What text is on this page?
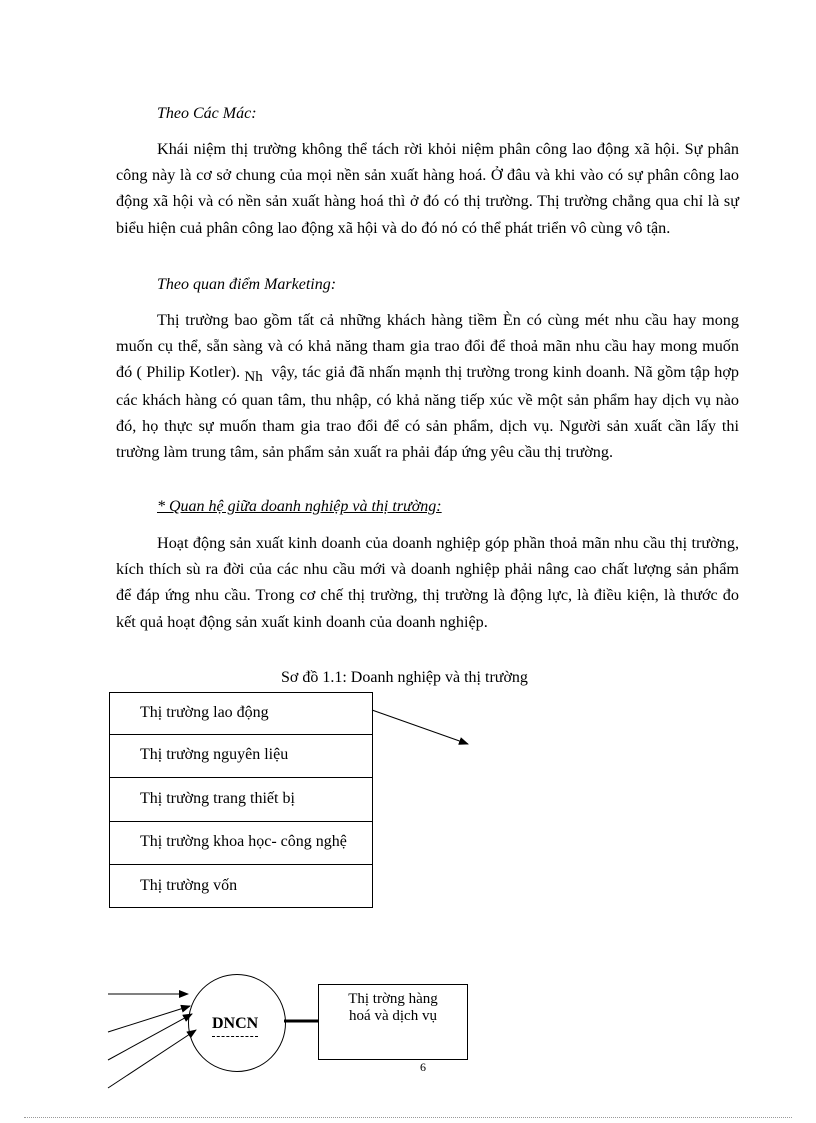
Theo Các Mác:

Khái niệm thị trường không thể tách rời khỏi niệm phân công lao động xã hội. Sự phân công này là cơ sở chung của mọi nền sản xuất hàng hoá. Ở đâu và khi vào có sự phân công lao động xã hội và có nền sản xuất hàng hoá thì ở đó có thị trường. Thị trường chẳng qua chỉ là sự biểu hiện cuả phân công lao động xã hội và do đó nó có thể phát triển vô cùng vô tận.

Theo quan điểm Marketing:

Thị trường bao gồm tất cả những khách hàng tiềm Èn có cùng mét nhu cầu hay mong muốn cụ thể, sẵn sàng và có khả năng tham gia trao đổi để thoả mãn nhu cầu hay mong muốn đó ( Philip Kotler). Nh vậy, tác giả đã nhấn mạnh thị trường trong kinh doanh. Nã gồm tập hợp các khách hàng có quan tâm, thu nhập, có khả năng tiếp xúc về một sản phẩm hay dịch vụ nào đó, họ thực sự muốn tham gia trao đổi để có sản phẩm, dịch vụ. Người sản xuất cần lấy thi trường làm trung tâm, sản phẩm sản xuất ra phải đáp ứng yêu cầu thị trường.

* Quan hệ giữa doanh nghiệp và thị trường:

Hoạt động sản xuất kinh doanh của doanh nghiệp góp phần thoả mãn nhu cầu thị trường, kích thích sù ra đời của các nhu cầu mới và doanh nghiệp phải nâng cao chất lượng sản phẩm để đáp ứng nhu cầu. Trong cơ chế thị trường, thị trường là động lực, là điều kiện, là thước đo kết quả hoạt động sản xuất kinh doanh của doanh nghiệp.

Sơ đồ 1.1: Doanh nghiệp và thị trường
Thị trường lao động
Thị trường nguyên liệu
Thị trường trang thiết bị
Thị trường khoa học- công nghệ
Thị trường vốn
DNCN
Thị trờng hàng
hoá và dịch vụ
6
